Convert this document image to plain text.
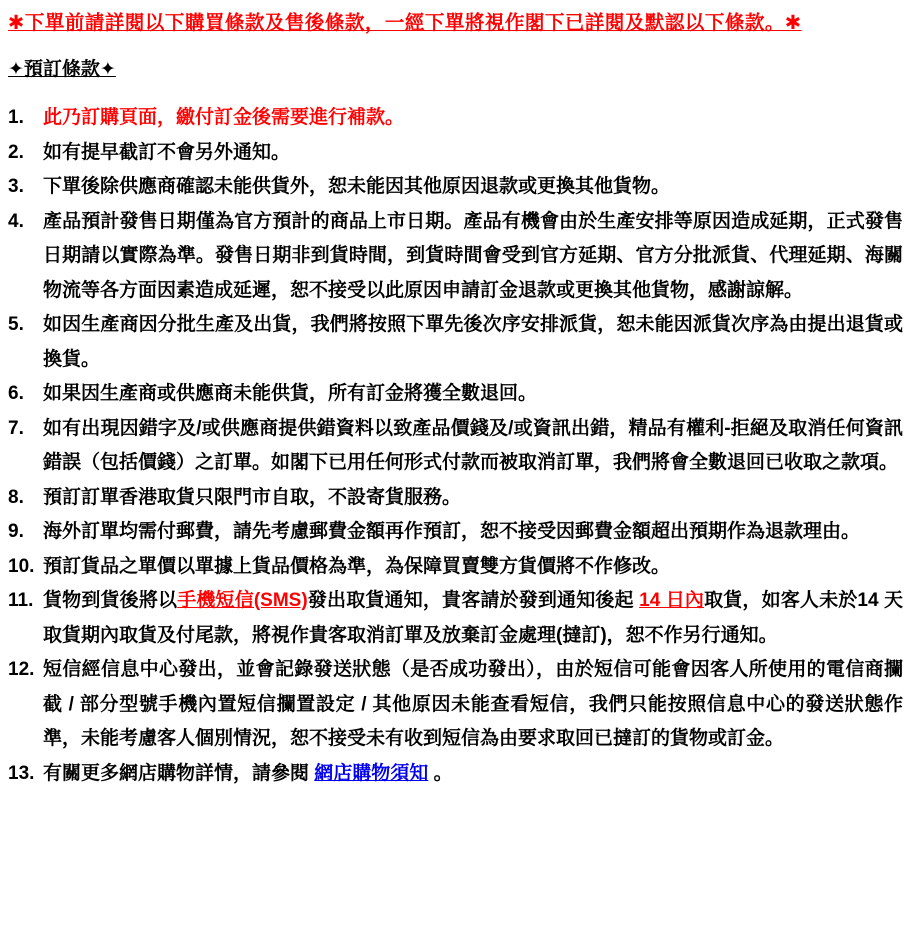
✱下單前請詳閱以下購買條款及售後條款，一經下單將視作閣下已詳閱及默認以下條款。✱
✦預訂條款✦
1.	此乃訂購頁面，繳付訂金後需要進行補款。
2.	如有提早截訂不會另外通知。
3.	下單後除供應商確認未能供貨外，恕未能因其他原因退款或更換其他貨物。
4.	產品預計發售日期僅為官方預計的商品上市日期。產品有機會由於生產安排等原因造成延期，正式發售日期請以實際為準。發售日期非到貨時間，到貨時間會受到官方延期、官方分批派貨、代理延期、海關物流等各方面因素造成延遲，恕不接受以此原因申請訂金退款或更換其他貨物，感謝諒解。
5.	如因生產商因分批生產及出貨，我們將按照下單先後次序安排派貨，恕未能因派貨次序為由提出退貨或換貨。
6.	如果因生產商或供應商未能供貨，所有訂金將獲全數退回。
7.	如有出現因錯字及/或供應商提供錯資料以致產品價錢及/或資訊出錯，精品有權利-拒絕及取消任何資訊錯誤（包括價錢）之訂單。如閣下已用任何形式付款而被取消訂單，我們將會全數退回已收取之款項。
8.	預訂訂單香港取貨只限門市自取，不設寄貨服務。
9.	海外訂單均需付郵費，請先考慮郵費金額再作預訂，恕不接受因郵費金額超出預期作為退款理由。
10. 預訂貨品之單價以單據上貨品價格為準，為保障買賣雙方貨價將不作修改。
11. 貨物到貨後將以手機短信(SMS)發出取貨通知，貴客請於發到通知後起 14 日內取貨，如客人未於14 天取貨期內取貨及付尾款，將視作貴客取消訂單及放棄訂金處理(撻訂)，恕不作另行通知。
12. 短信經信息中心發出，並會記錄發送狀態（是否成功發出），由於短信可能會因客人所使用的電信商攔截 / 部分型號手機內置短信攔置設定 / 其他原因未能查看短信，我們只能按照信息中心的發送狀態作準，未能考慮客人個別情況，恕不接受未有收到短信為由要求取回已撻訂的貨物或訂金。
13. 有關更多網店購物詳情，請參閱 網店購物須知 。
